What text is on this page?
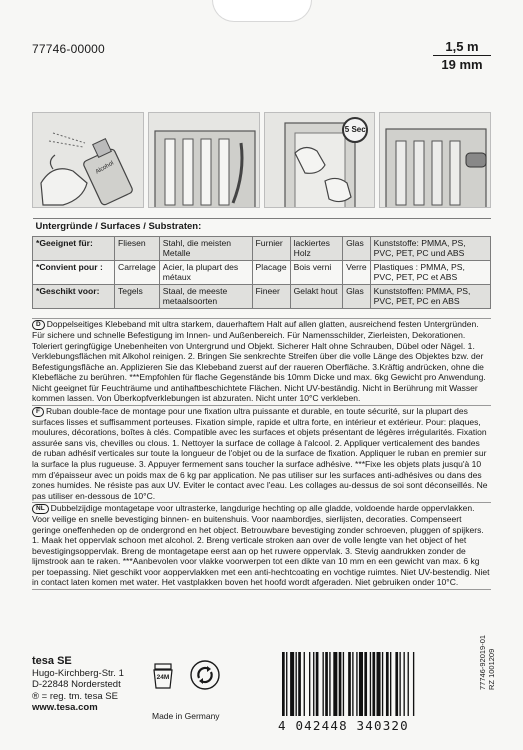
77746-00000	1,5 m
19 mm
Alcohol
5 Sec
Untergründe / Surfaces / Substraten:						
*Geeignet für:	Fliesen	Stahl, die meisten Metalle	Furnier	lackiertes Holz	Glas	Kunststoffe: PMMA, PS, PVC, PET, PC und ABS
*Convient pour :	Carrelage	Acier, la plupart des métaux	Placage	Bois verni	Verre	Plastiques : PMMA, PS, PVC, PET, PC et ABS
*Geschikt voor:	Tegels	Staal, de meeste metaalsoorten	Fineer	Gelakt hout	Glas	Kunststoffen: PMMA, PS, PVC, PET, PC en ABS

D Doppelseitiges Klebeband mit ultra starkem, dauerhaftem Halt auf allen glatten, ausreichend festen Untergründen. Für sichere und schnelle Befestigung im Innen- und Außenbereich. Für Namensschilder, Zierleisten, Dekorationen. Toleriert geringfügige Unebenheiten von Untergrund und Objekt. Sicherer Halt ohne Schrauben, Dübel oder Nägel. 1. Verklebungsflächen mit Alkohol reinigen. 2. Bringen Sie senkrechte Streifen über die volle Länge des Objektes bzw. der Befestigungsfläche an. Applizieren Sie das Klebeband zuerst auf der raueren Oberfläche. 3.Kräftig andrücken, ohne die Klebefläche zu berühren. ***Empfohlen für flache Gegenstände bis 10mm Dicke und max. 6kg Gewicht pro Anwendung. Nicht geeignet für Feuchträume und antihaftbeschichtete Flächen. Nicht UV-beständig. Nicht in Berührung mit Wasser kommen lassen. Von Überkopfverklebungen ist abzuraten. Nicht unter 10°C verkleben.

F Ruban double-face de montage pour une fixation ultra puissante et durable, en toute sécurité, sur la plupart des surfaces lisses et suffisamment porteuses. Fixation simple, rapide et ultra forte, en intérieur et extérieur. Pour: plaques, moulures, décorations, boîtes à clés. Compatible avec les surfaces et objets présentant de légères irrégularités. Fixation assurée sans vis, chevilles ou clous. 1. Nettoyer la surface de collage à l'alcool. 2. Appliquer verticalement des bandes de ruban adhésif verticales sur toute la longueur de l'objet ou de la surface de fixation. Appliquer le ruban en premier sur la surface la plus rugueuse. 3. Appuyer fermement sans toucher la surface adhésive. ***Fixe les objets plats jusqu'à 10 mm d'épaisseur avec un poids max de 6 kg par application. Ne pas utiliser sur les surfaces anti-adhésives ou dans des zones humides. Ne résiste pas aux UV. Eviter le contact avec l'eau. Les collages au-dessus de soi sont déconseillés. Ne pas utiliser en-dessous de 10°C.

NL Dubbelzijdige montagetape voor ultrasterke, langdurige hechting op alle gladde, voldoende harde oppervlakken. Voor veilige en snelle bevestiging binnen- en buitenshuis. Voor naambordjes, sierlijsten, decoraties. Compenseert geringe oneffenheden op de ondergrond en het object. Betrouwbare bevestiging zonder schroeven, pluggen of spijkers. 1. Maak het oppervlak schoon met alcohol. 2. Breng verticale stroken aan over de volle lengte van het object of het bevestigingsoppervlak. Breng de montagetape eerst aan op het ruwere oppervlak. 3. Stevig aandrukken zonder de lijmstrook aan te raken. ***Aanbevolen voor vlakke voorwerpen tot een dikte van 10 mm en een gewicht van max. 6 kg per toepassing. Niet geschikt voor aoppervlakken met een anti-hechtcoating en vochtige ruimtes. Niet UV-bestendig. Niet in contact laten komen met water. Het vastplakken boven het hoofd wordt afgeraden. Niet gebruiken onder 10°C.

tesa SE
Hugo-Kirchberg-Str. 1
D-22848 Norderstedt
® = reg. tm. tesa SE
www.tesa.com
24M
Made in Germany
4 042448 340320
77746-92019-01 RZ 1001209
